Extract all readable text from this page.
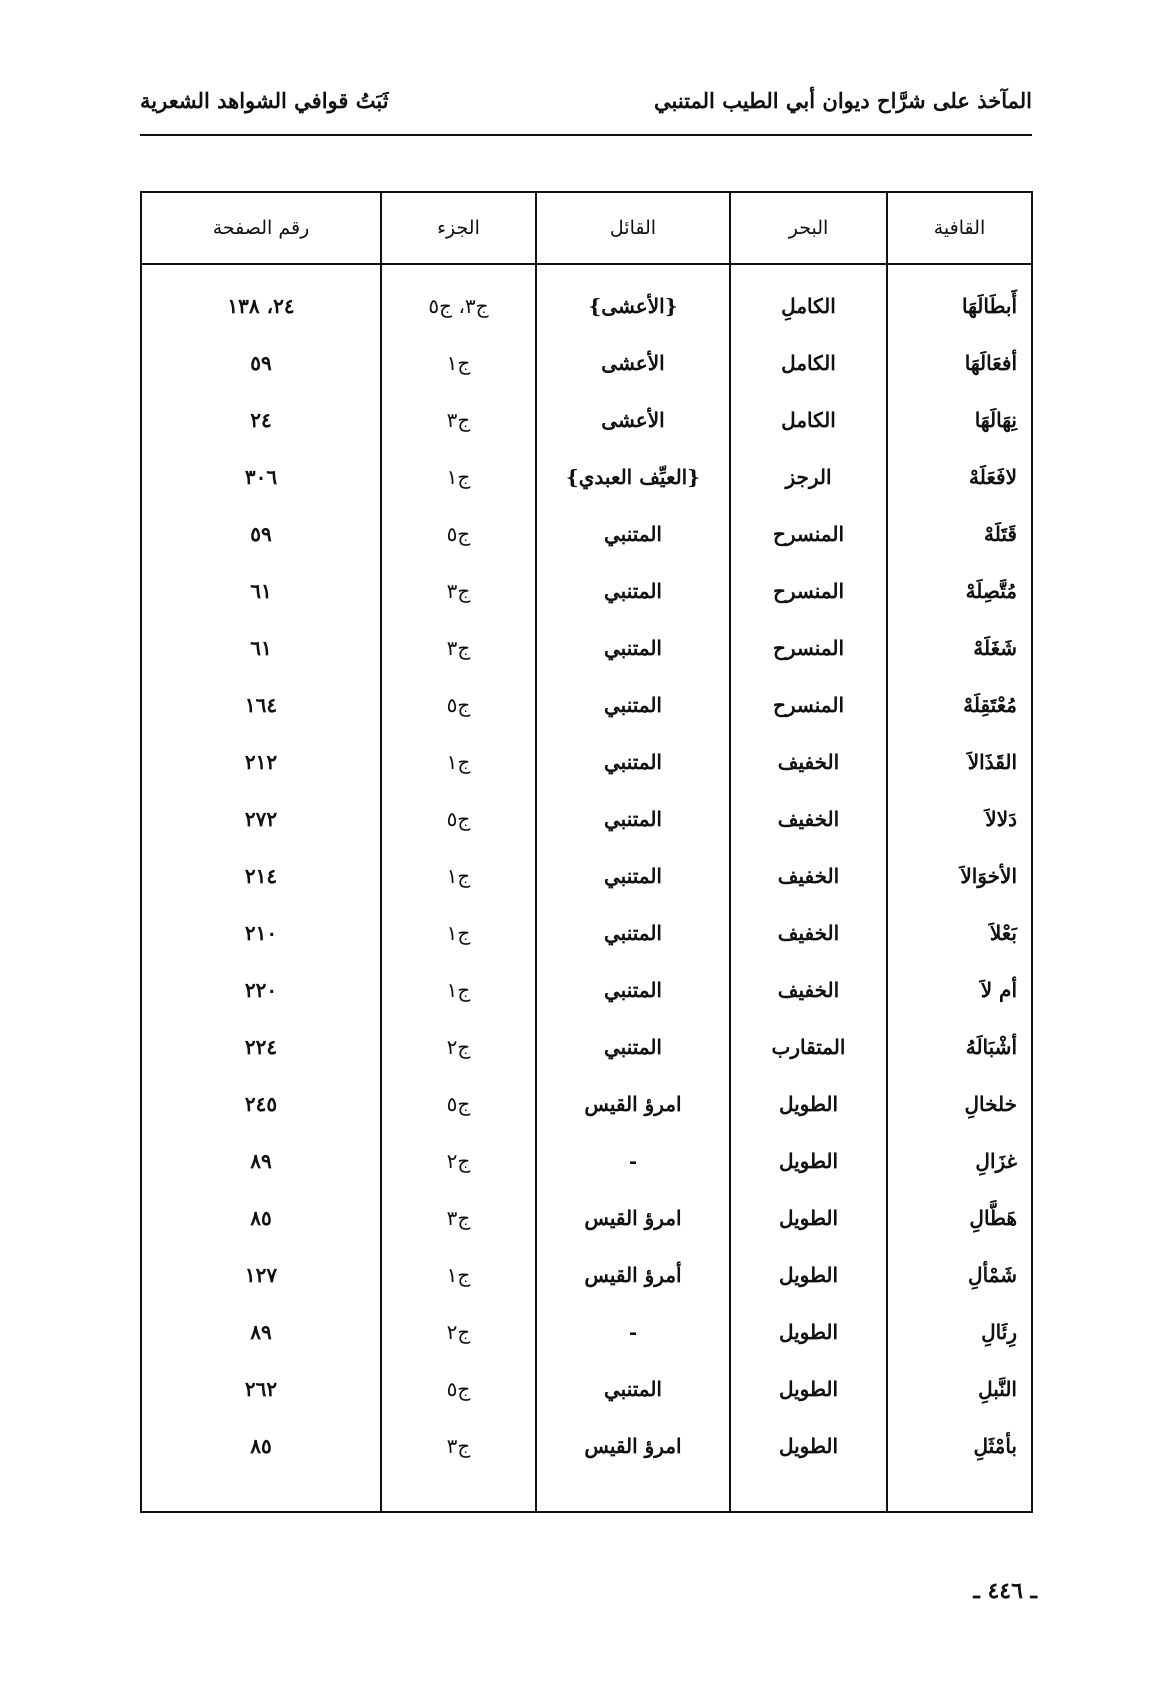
المآخذ على شرَّاح ديوان أبي الطيب المتنبي
ثَبَتُ قوافي الشواهد الشعرية
القافية	البحر	القائل	الجزء	رقم الصفحة
أَبطَالَهَا	الكاملِ	{الأعشى}	ج٣، ج٥	٢٤، ١٣٨
أفعَالَهَا	الكامل	الأعشى	ج١	٥٩
نِهَالَهَا	الكامل	الأعشى	ج٣	٢٤
لافَعَلَهْ	الرجز	{العيِّف العبدي}	ج١	٣٠٦
قَتَلَهْ	المنسرح	المتنبي	ج٥	٥٩
مُتَّصِلَهْ	المنسرح	المتنبي	ج٣	٦١
شَغَلَهْ	المنسرح	المتنبي	ج٣	٦١
مُعْتَقِلَهْ	المنسرح	المتنبي	ج٥	١٦٤
القَذَالاَ	الخفيف	المتنبي	ج١	٢١٢
دَلالاَ	الخفيف	المتنبي	ج٥	٢٧٢
الأخوَالاَ	الخفيف	المتنبي	ج١	٢١٤
بَعْلاَ	الخفيف	المتنبي	ج١	٢١٠
أم لاَ	الخفيف	المتنبي	ج١	٢٢٠
أشْبَالَهُ	المتقارب	المتنبي	ج٢	٢٢٤
خلخالِ	الطويل	امرؤ القيس	ج٥	٢٤٥
غزَالِ	الطويل	-	ج٢	٨٩
هَطَّالِ	الطويل	امرؤ القيس	ج٣	٨٥
شَمْألِ	الطويل	أمرؤ القيس	ج١	١٢٧
رِئَالِ	الطويل	-	ج٢	٨٩
النَّبلِ	الطويل	المتنبي	ج٥	٢٦٢
بأمْثَلِ	الطويل	امرؤ القيس	ج٣	٨٥

ـ ٤٤٦ ـ
